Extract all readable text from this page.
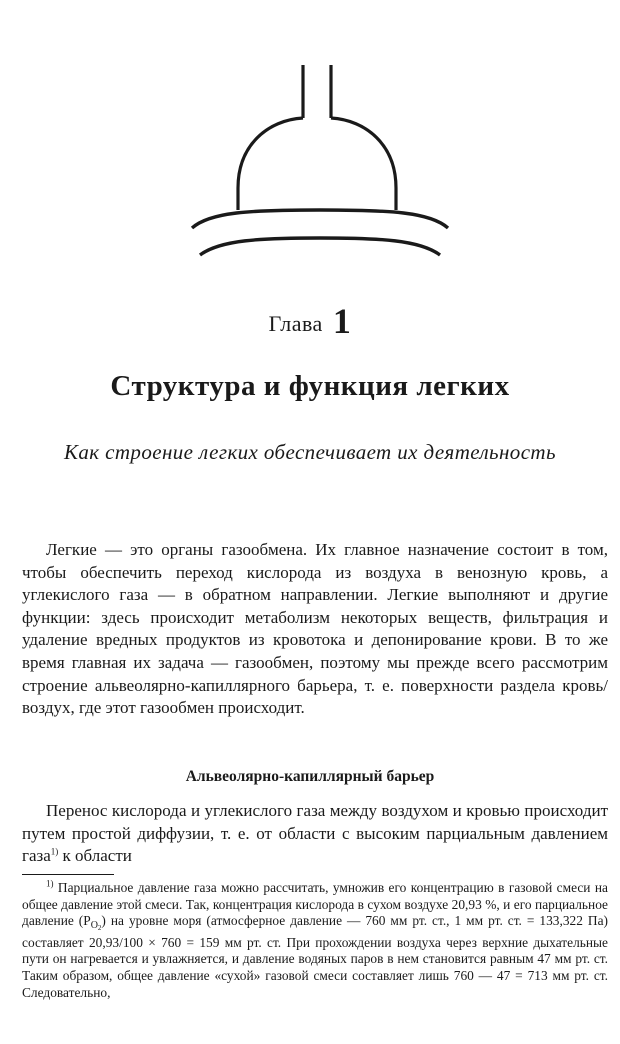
Глава 1
Структура и функция легких
Как строение легких обеспечивает их деятельность

Легкие — это органы газообмена. Их главное назначение состоит в том, чтобы обеспечить переход кислорода из воздуха в венозную кровь, а углекислого газа — в обратном направлении. Легкие выполняют и другие функции: здесь происходит метаболизм некоторых веществ, фильтрация и удаление вредных продуктов из кровотока и депонирование крови. В то же время главная их задача — газообмен, поэтому мы прежде всего рассмотрим строение альвеолярно-капиллярного барьера, т. е. поверхности раздела кровь/воздух, где этот газообмен происходит.

Альвеолярно-капиллярный барьер

Перенос кислорода и углекислого газа между воздухом и кровью происходит путем простой диффузии, т. е. от области с высоким парциальным давлением газа$^{1)}$ к области

$^{1)}$ Парциальное давление газа можно рассчитать, умножив его концентрацию в газовой смеси на общее давление этой смеси. Так, концентрация кислорода в сухом воздухе 20,93 %, и его парциальное давление $(P_{O2})$ на уровне моря (атмосферное давление — 760 мм рт. ст., 1 мм рт. ст. = 133,322 Па) составляет 20,93/100 × 760 = 159 мм рт. ст. При прохождении воздуха через верхние дыхательные пути он нагревается и увлажняется, и давление водяных паров в нем становится равным 47 мм рт. ст. Таким образом, общее давление «сухой» газовой смеси составляет лишь 760 — 47 = 713 мм рт. ст. Следовательно,
